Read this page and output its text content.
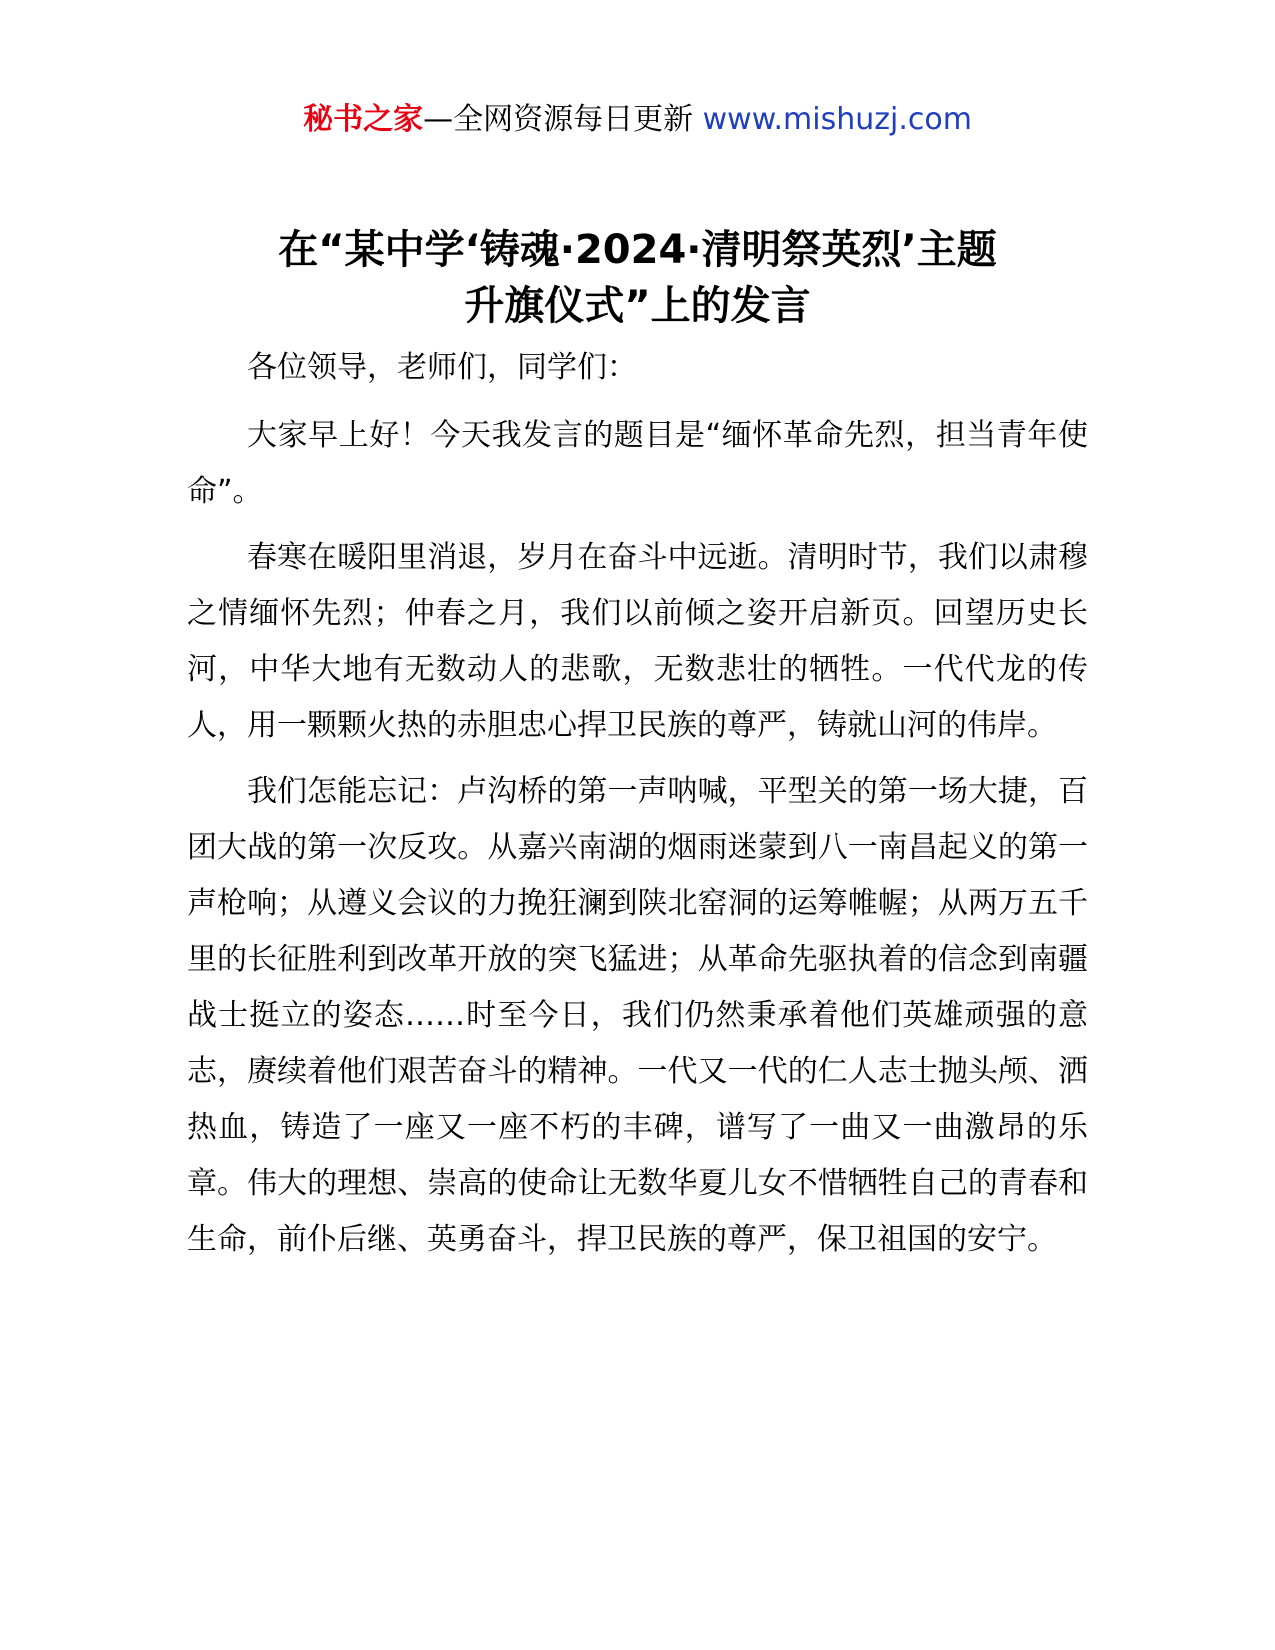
秘书之家—全网资源每日更新 www.mishuzj.com
在“某中学‘铸魂·2024·清明祭英烈’主题
升旗仪式”上的发言

各位领导，老师们，同学们：

大家早上好！今天我发言的题目是“缅怀革命先烈，担当青年使命”。

春寒在暖阳里消退，岁月在奋斗中远逝。清明时节，我们以肃穆之情缅怀先烈；仲春之月，我们以前倾之姿开启新页。回望历史长河，中华大地有无数动人的悲歌，无数悲壮的牺牲。一代代龙的传人，用一颗颗火热的赤胆忠心捍卫民族的尊严，铸就山河的伟岸。

我们怎能忘记：卢沟桥的第一声呐喊，平型关的第一场大捷，百团大战的第一次反攻。从嘉兴南湖的烟雨迷蒙到八一南昌起义的第一声枪响；从遵义会议的力挽狂澜到陕北窑洞的运筹帷幄；从两万五千里的长征胜利到改革开放的突飞猛进；从革命先驱执着的信念到南疆战士挺立的姿态……时至今日，我们仍然秉承着他们英雄顽强的意志，赓续着他们艰苦奋斗的精神。一代又一代的仁人志士抛头颅、洒热血，铸造了一座又一座不朽的丰碑，谱写了一曲又一曲激昂的乐章。伟大的理想、崇高的使命让无数华夏儿女不惜牺牲自己的青春和生命，前仆后继、英勇奋斗，捍卫民族的尊严，保卫祖国的安宁。
